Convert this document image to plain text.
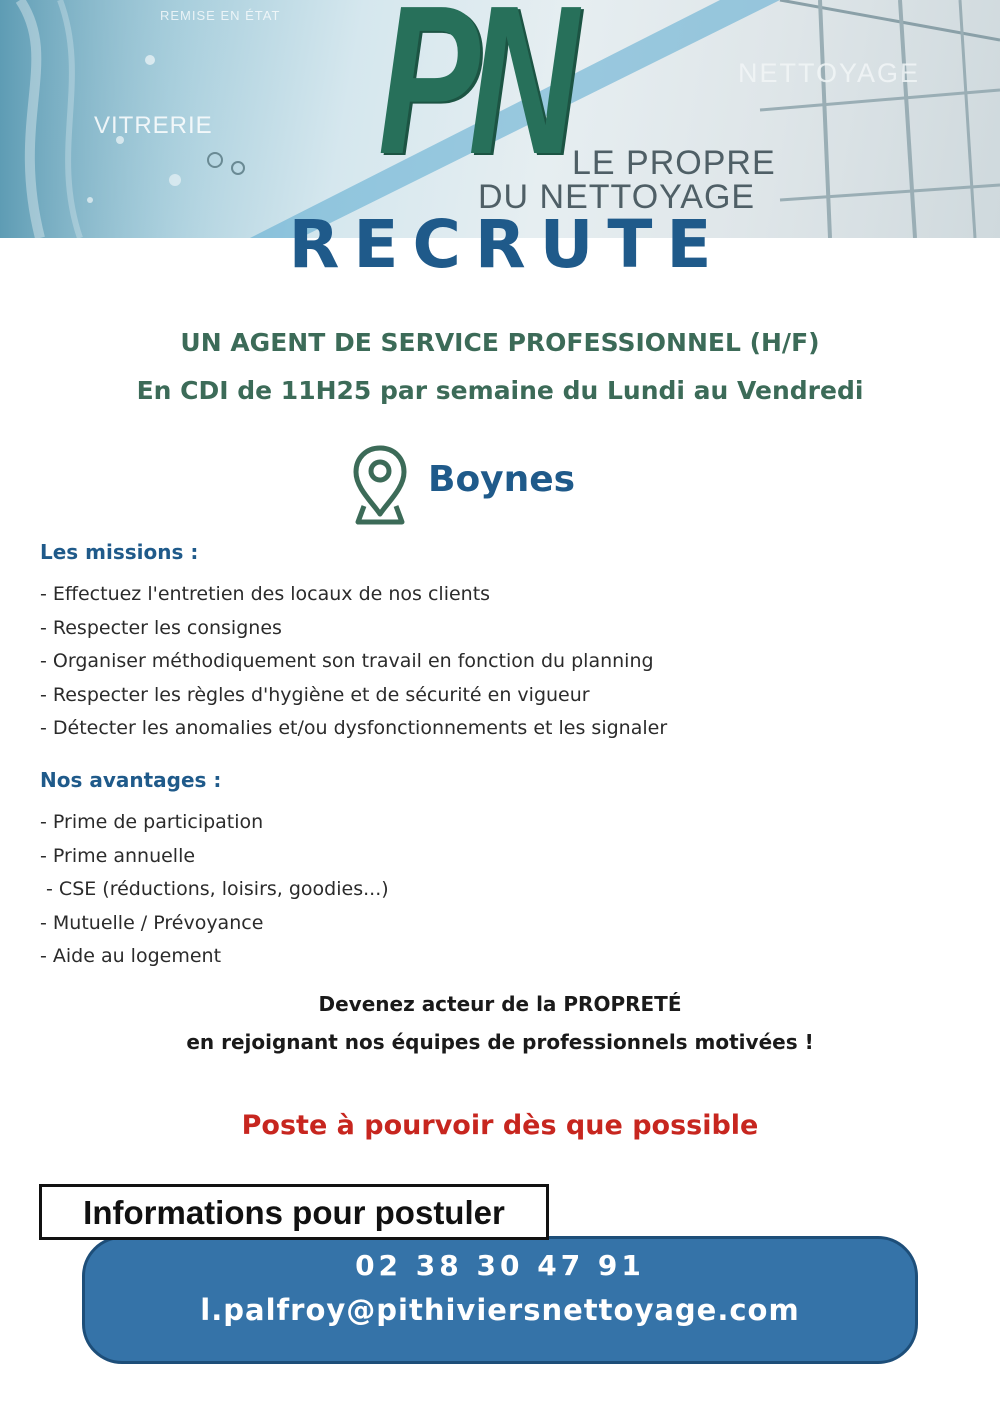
REMISE EN ÉTAT
NETTOYAGE
VITRERIE PN LE PROPRE
DU NETTOYAGE
RECRUTE
UN AGENT DE SERVICE PROFESSIONNEL (H/F)
En CDI de 11H25 par semaine du Lundi au Vendredi
Boynes
Les missions :
- Effectuez l'entretien des locaux de nos clients
- Respecter les consignes
- Organiser méthodiquement son travail en fonction du planning
- Respecter les règles d'hygiène et de sécurité en vigueur
- Détecter les anomalies et/ou dysfonctionnements et les signaler
Nos avantages :
- Prime de participation
- Prime annuelle
- CSE (réductions, loisirs, goodies...)
- Mutuelle / Prévoyance
- Aide au logement
Devenez acteur de la PROPRETÉ
en rejoignant nos équipes de professionnels motivées !
Poste à pourvoir dès que possible
02 38 30 47 91
l.palfroy@pithiviersnettoyage.com
Informations pour postuler
